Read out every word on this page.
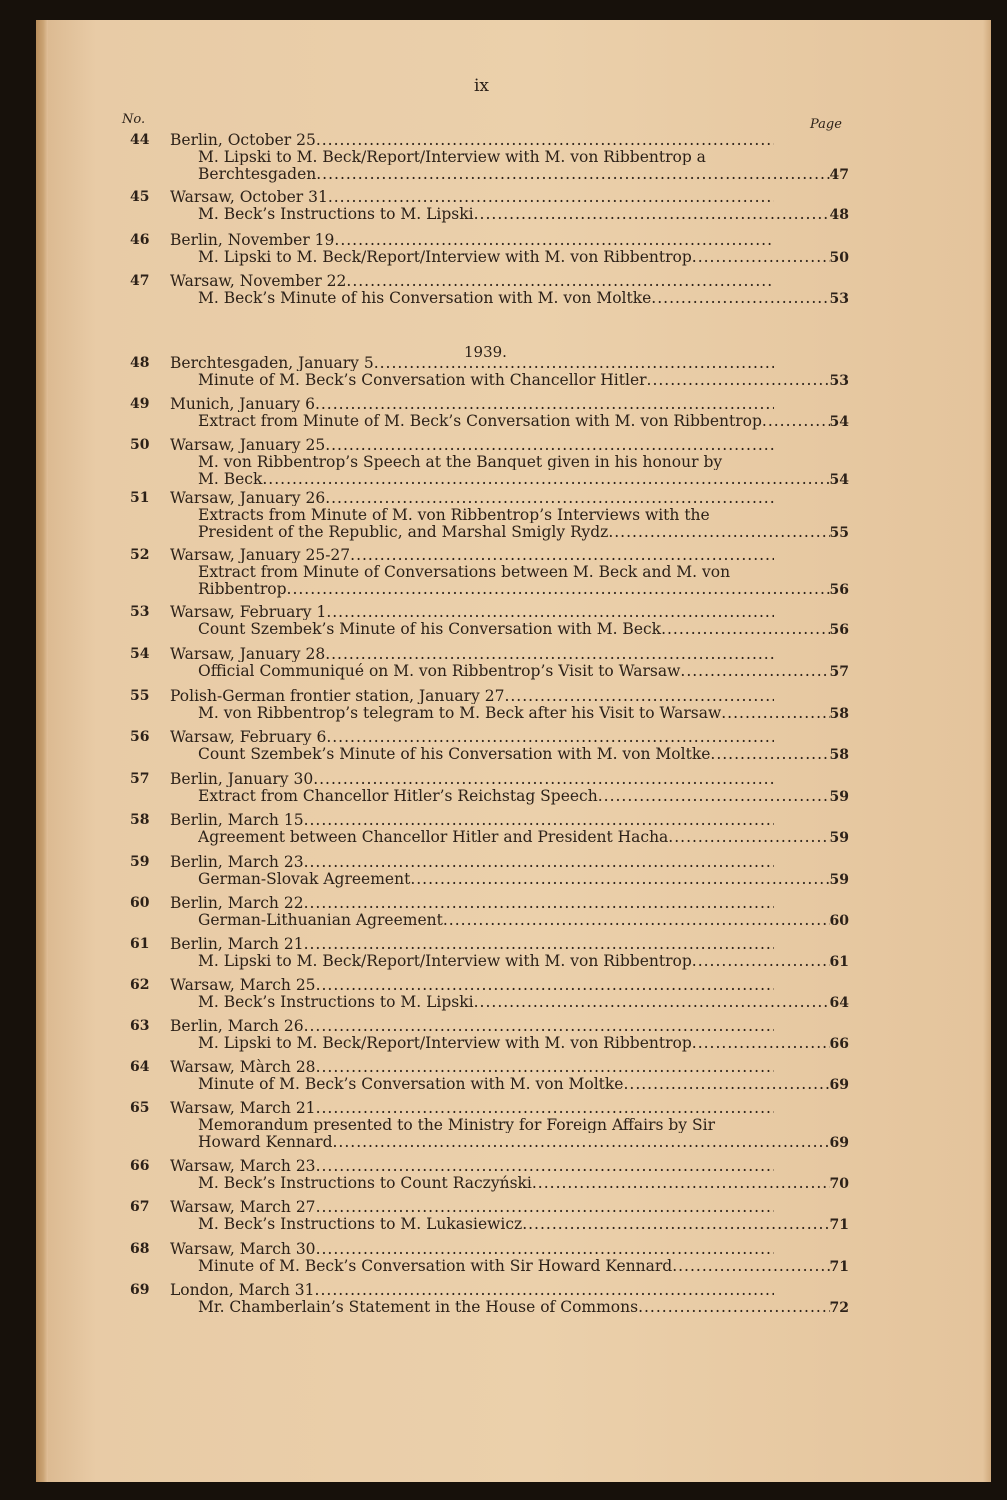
ix
No.	Page
1939.
44 Berlin, October 25
.....
M. Lipski to M. Beck/Report/Interview with M. von Ribbentrop a
Berchtesgaden .....	47
45 Warsaw, October 31
.....
M. Beck’s Instructions to M. Lipski .....	48
46 Berlin, November 19
.....
M. Lipski to M. Beck/Report/Interview with M. von Ribbentrop .....	50
47 Warsaw, November 22
.....
M. Beck’s Minute of his Conversation with M. von Moltke .....	53
48 Berchtesgaden, January 5
.....
Minute of M. Beck’s Conversation with Chancellor Hitler .....	53
49 Munich, January 6
.....
Extract from Minute of M. Beck’s Conversation with M. von Ribbentrop .....	54
50 Warsaw, January 25
.....
M. von Ribbentrop’s Speech at the Banquet given in his honour by
M. Beck .....	54
51 Warsaw, January 26
.....
Extracts from Minute of M. von Ribbentrop’s Interviews with the
President of the Republic, and Marshal Smigly Rydz .....	55
52 Warsaw, January 25-27
.....
Extract from Minute of Conversations between M. Beck and M. von
Ribbentrop .....	56
53 Warsaw, February 1
.....
Count Szembek’s Minute of his Conversation with M. Beck .....	56
54 Warsaw, January 28
.....
Official Communiqué on M. von Ribbentrop’s Visit to Warsaw .....	57
55 Polish-German frontier station, January 27
.....
M. von Ribbentrop’s telegram to M. Beck after his Visit to Warsaw .....	58
56 Warsaw, February 6
.....
Count Szembek’s Minute of his Conversation with M. von Moltke .....	58
57 Berlin, January 30
.....
Extract from Chancellor Hitler’s Reichstag Speech .....	59
58 Berlin, March 15
.....
Agreement between Chancellor Hitler and President Hacha .....	59
59 Berlin, March 23
.....
German-Slovak Agreement .....	59
60 Berlin, March 22
.....
German-Lithuanian Agreement .....	60
61 Berlin, March 21
.....
M. Lipski to M. Beck/Report/Interview with M. von Ribbentrop .....	61
62 Warsaw, March 25
.....
M. Beck’s Instructions to M. Lipski .....	64
63 Berlin, March 26
.....
M. Lipski to M. Beck/Report/Interview with M. von Ribbentrop .....	66
64 Warsaw, Màrch 28
.....
Minute of M. Beck’s Conversation with M. von Moltke .....	69
65 Warsaw, March 21
.....
Memorandum presented to the Ministry for Foreign Affairs by Sir
Howard Kennard .....	69
66 Warsaw, March 23
.....
M. Beck’s Instructions to Count Raczyński .....	70
67 Warsaw, March 27
.....
M. Beck’s Instructions to M. Lukasiewicz .....	71
68 Warsaw, March 30
.....
Minute of M. Beck’s Conversation with Sir Howard Kennard .....	71
69 London, March 31
.....
Mr. Chamberlain’s Statement in the House of Commons .....	72
